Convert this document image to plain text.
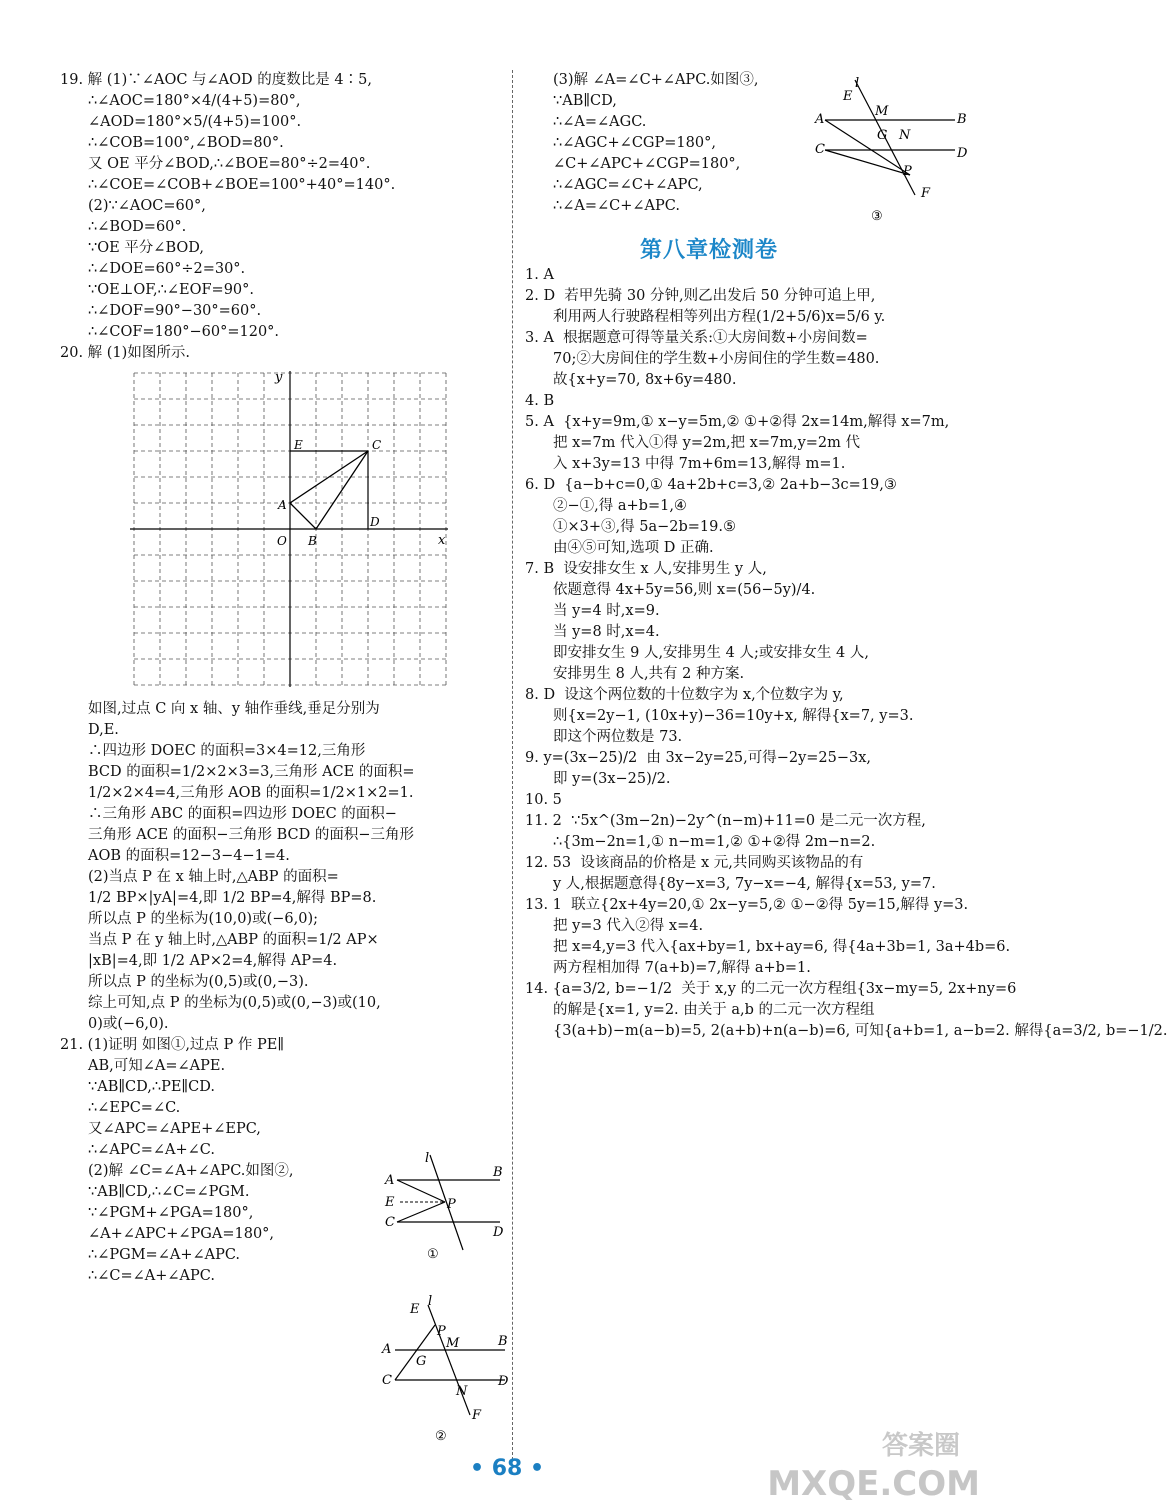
19. 解 (1)∵∠AOC 与∠AOD 的度数比是 4∶5,
∴∠AOC=180°×4/(4+5)=80°,
∠AOD=180°×5/(4+5)=100°.
∴∠COB=100°,∠BOD=80°.
又 OE 平分∠BOD,∴∠BOE=80°÷2=40°.
∴∠COE=∠COB+∠BOE=100°+40°=140°.
(2)∵∠AOC=60°,
∴∠BOD=60°.
∵OE 平分∠BOD,
∴∠DOE=60°÷2=30°.
∵OE⊥OF,∴∠EOF=90°.
∴∠DOF=90°−30°=60°.
∴∠COF=180°−60°=120°.
20. 解 (1)如图所示.
y
x
A
B
C
D
E
O
如图,过点 C 向 x 轴、y 轴作垂线,垂足分别为
D,E.
∴四边形 DOEC 的面积=3×4=12,三角形
BCD 的面积=1/2×2×3=3,三角形 ACE 的面积=
1/2×2×4=4,三角形 AOB 的面积=1/2×1×2=1.
∴三角形 ABC 的面积=四边形 DOEC 的面积−
三角形 ACE 的面积−三角形 BCD 的面积−三角形
AOB 的面积=12−3−4−1=4.
(2)当点 P 在 x 轴上时,△ABP 的面积=
1/2 BP×|yA|=4,即 1/2 BP=4,解得 BP=8.
所以点 P 的坐标为(10,0)或(−6,0);
当点 P 在 y 轴上时,△ABP 的面积=1/2 AP×
|xB|=4,即 1/2 AP×2=4,解得 AP=4.
所以点 P 的坐标为(0,5)或(0,−3).
综上可知,点 P 的坐标为(0,5)或(0,−3)或(10,
0)或(−6,0).
21. (1)证明 如图①,过点 P 作 PE∥
AB,可知∠A=∠APE.
∵AB∥CD,∴PE∥CD.
∴∠EPC=∠C.
又∠APC=∠APE+∠EPC,
∴∠APC=∠A+∠C.
(2)解 ∠C=∠A+∠APC.如图②,
∵AB∥CD,∴∠C=∠PGM.
∵∠PGM+∠PGA=180°,
∠A+∠APC+∠PGA=180°,
∴∠PGM=∠A+∠APC.
∴∠C=∠A+∠APC.
(3)解 ∠A=∠C+∠APC.如图③,
∵AB∥CD,
∴∠A=∠AGC.
∴∠AGC+∠CGP=180°,
∠C+∠APC+∠CGP=180°,
∴∠AGC=∠C+∠APC,
∴∠A=∠C+∠APC.
A	B
C	D
E
M
G N
P
F
l
③
第八章检测卷
1. A
2. D  若甲先骑 30 分钟,则乙出发后 50 分钟可追上甲,
利用两人行驶路程相等列出方程(1/2+5/6)x=5/6 y.
3. A  根据题意可得等量关系:①大房间数+小房间数=
70;②大房间住的学生数+小房间住的学生数=480.
故{x+y=70, 8x+6y=480.
4. B
5. A  {x+y=9m,① x−y=5m,② ①+②得 2x=14m,解得 x=7m,
把 x=7m 代入①得 y=2m,把 x=7m,y=2m 代
入 x+3y=13 中得 7m+6m=13,解得 m=1.
6. D  {a−b+c=0,① 4a+2b+c=3,② 2a+b−3c=19,③
②−①,得 a+b=1,④
①×3+③,得 5a−2b=19.⑤
由④⑤可知,选项 D 正确.
7. B  设安排女生 x 人,安排男生 y 人,
依题意得 4x+5y=56,则 x=(56−5y)/4.
当 y=4 时,x=9.
当 y=8 时,x=4.
即安排女生 9 人,安排男生 4 人;或安排女生 4 人,
安排男生 8 人,共有 2 种方案.
8. D  设这个两位数的十位数字为 x,个位数字为 y,
则{x=2y−1, (10x+y)−36=10y+x, 解得{x=7, y=3.
即这个两位数是 73.
9. y=(3x−25)/2  由 3x−2y=25,可得−2y=25−3x,
即 y=(3x−25)/2.
10. 5
11. 2  ∵5x^(3m−2n)−2y^(n−m)+11=0 是二元一次方程,
∴{3m−2n=1,① n−m=1,② ①+②得 2m−n=2.
12. 53  设该商品的价格是 x 元,共同购买该物品的有
y 人,根据题意得{8y−x=3, 7y−x=−4, 解得{x=53, y=7.
13. 1  联立{2x+4y=20,① 2x−y=5,② ①−②得 5y=15,解得 y=3.
把 y=3 代入②得 x=4.
把 x=4,y=3 代入{ax+by=1, bx+ay=6, 得{4a+3b=1, 3a+4b=6.
两方程相加得 7(a+b)=7,解得 a+b=1.
14. {a=3/2, b=−1/2  关于 x,y 的二元一次方程组{3x−my=5, 2x+ny=6
的解是{x=1, y=2. 由关于 a,b 的二元一次方程组
{3(a+b)−m(a−b)=5, 2(a+b)+n(a−b)=6, 可知{a+b=1, a−b=2. 解得{a=3/2, b=−1/2.
A
B
E	P
C
D
l
①
A
B
C	D
E
l
P
M
G
N
F
②
• 68 •
答案圈
MXQE.COM
